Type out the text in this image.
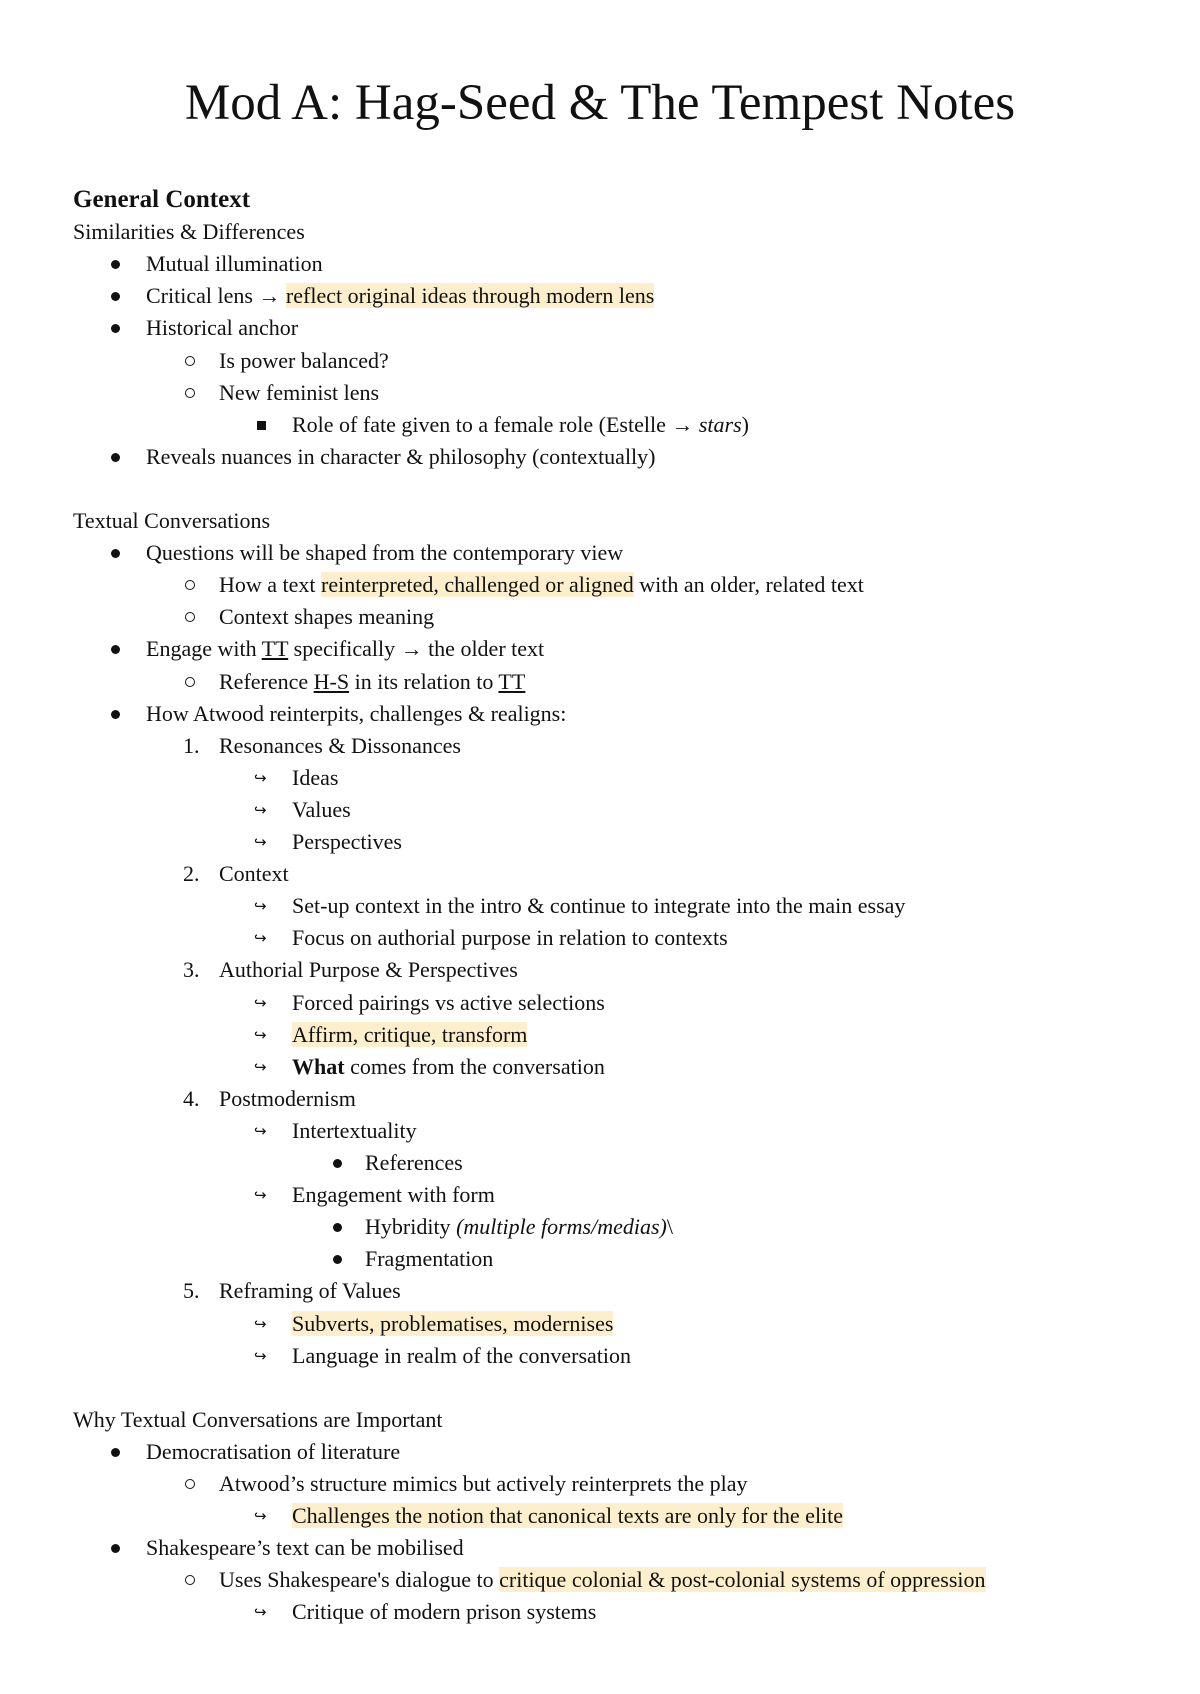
Mod A: Hag-Seed & The Tempest Notes
General Context
Similarities & Differences
Mutual illumination
Critical lens → reflect original ideas through modern lens
Historical anchor
Is power balanced?
New feminist lens
Role of fate given to a female role (Estelle → stars)
Reveals nuances in character & philosophy (contextually)
Textual Conversations
Questions will be shaped from the contemporary view
How a text reinterpreted, challenged or aligned with an older, related text
Context shapes meaning
Engage with TT specifically → the older text
Reference H-S in its relation to TT
How Atwood reinterpits, challenges & realigns:
1. Resonances & Dissonances
↪ Ideas
↪ Values
↪ Perspectives
2. Context
↪ Set-up context in the intro & continue to integrate into the main essay
↪ Focus on authorial purpose in relation to contexts
3. Authorial Purpose & Perspectives
↪ Forced pairings vs active selections
↪ Affirm, critique, transform
↪ What comes from the conversation
4. Postmodernism
↪ Intertextuality
References
↪ Engagement with form
Hybridity (multiple forms/medias)\
Fragmentation
5. Reframing of Values
↪ Subverts, problematises, modernises
↪ Language in realm of the conversation
Why Textual Conversations are Important
Democratisation of literature
Atwood’s structure mimics but actively reinterprets the play
↪ Challenges the notion that canonical texts are only for the elite
Shakespeare’s text can be mobilised
Uses Shakespeare's dialogue to critique colonial & post-colonial systems of oppression
↪ Critique of modern prison systems
